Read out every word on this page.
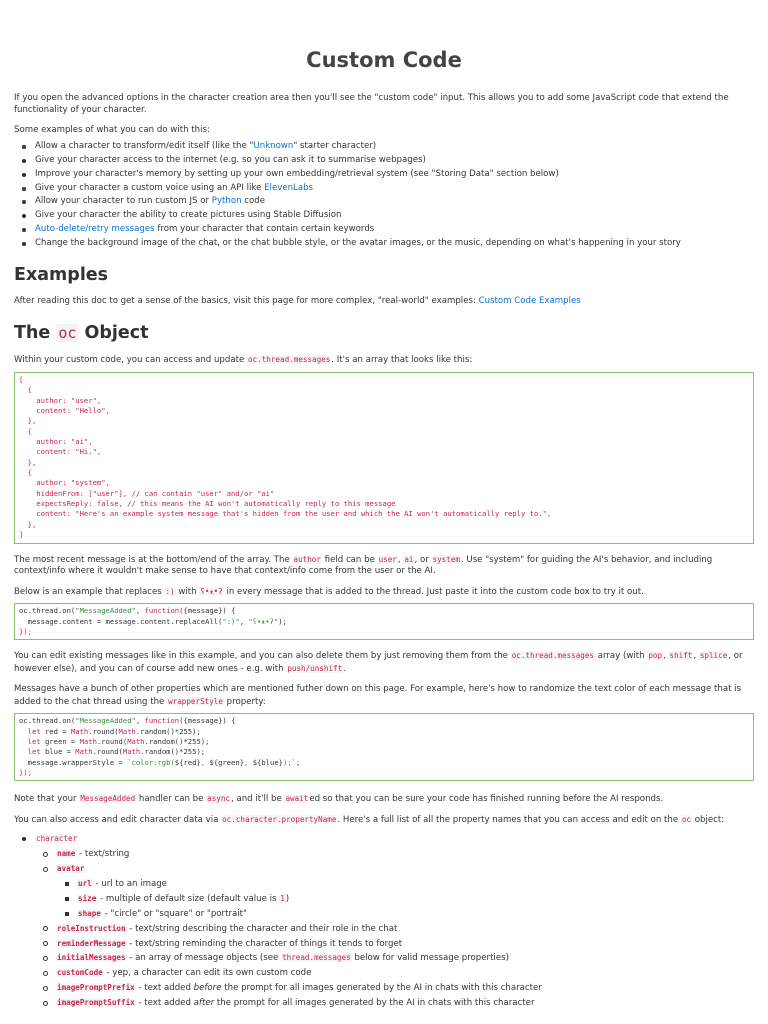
Custom Code

If you open the advanced options in the character creation area then you'll see the "custom code" input. This allows you to add some JavaScript code that extend the functionality of your character.

Some examples of what you can do with this:

Allow a character to transform/edit itself (like the "Unknown" starter character)
Give your character access to the internet (e.g. so you can ask it to summarise webpages)
Improve your character's memory by setting up your own embedding/retrieval system (see "Storing Data" section below)
Give your character a custom voice using an API like ElevenLabs
Allow your character to run custom JS or Python code
Give your character the ability to create pictures using Stable Diffusion
Auto-delete/retry messages from your character that contain certain keywords
Change the background image of the chat, or the chat bubble style, or the avatar images, or the music, depending on what's happening in your story
Examples

After reading this doc to get a sense of the basics, visit this page for more complex, "real-world" examples: Custom Code Examples

The oc Object

Within your custom code, you can access and update oc.thread.messages. It's an array that looks like this:

[
{
author: "user",
content: "Hello",
},
{
author: "ai",
content: "Hi.",
},
{
author: "system",
hiddenFrom: ["user"], // can contain "user" and/or "ai"
expectsReply: false, // this means the AI won't automatically reply to this message
content: "Here's an example system message that's hidden from the user and which the AI won't automatically reply to.",
},
]

The most recent message is at the bottom/end of the array. The author field can be user, ai, or system. Use "system" for guiding the AI's behavior, and including context/info where it wouldn't make sense to have that context/info come from the user or the AI.

Below is an example that replaces :) with ʕ•ᴥ•ʔ in every message that is added to the thread. Just paste it into the custom code box to try it out.

oc.thread.on("MessageAdded", function({message}) {
message.content = message.content.replaceAll(":)", "ʕ•ᴥ•ʔ");
});

You can edit existing messages like in this example, and you can also delete them by just removing them from the oc.thread.messages array (with pop, shift, splice, or however else), and you can of course add new ones - e.g. with push/unshift.

Messages have a bunch of other properties which are mentioned futher down on this page. For example, here's how to randomize the text color of each message that is added to the chat thread using the wrapperStyle property:

oc.thread.on("MessageAdded", function({message}) {
let red = Math.round(Math.random()*255);
let green = Math.round(Math.random()*255);
let blue = Math.round(Math.random()*255);
message.wrapperStyle = `color:rgb(${red}, ${green}, ${blue});`;
});

Note that your MessageAdded handler can be async, and it'll be awaited so that you can be sure your code has finished running before the AI responds.

You can also access and edit character data via oc.character.propertyName. Here's a full list of all the property names that you can access and edit on the oc object:

character
name - text/string
avatar
url - url to an image
size - multiple of default size (default value is 1)
shape - "circle" or "square" or "portrait"
roleInstruction - text/string describing the character and their role in the chat
reminderMessage - text/string reminding the character of things it tends to forget
initialMessages - an array of message objects (see thread.messages below for valid message properties)
customCode - yep, a character can edit its own custom code
imagePromptPrefix - text added before the prompt for all images generated by the AI in chats with this character
imagePromptSuffix - text added after the prompt for all images generated by the AI in chats with this character
